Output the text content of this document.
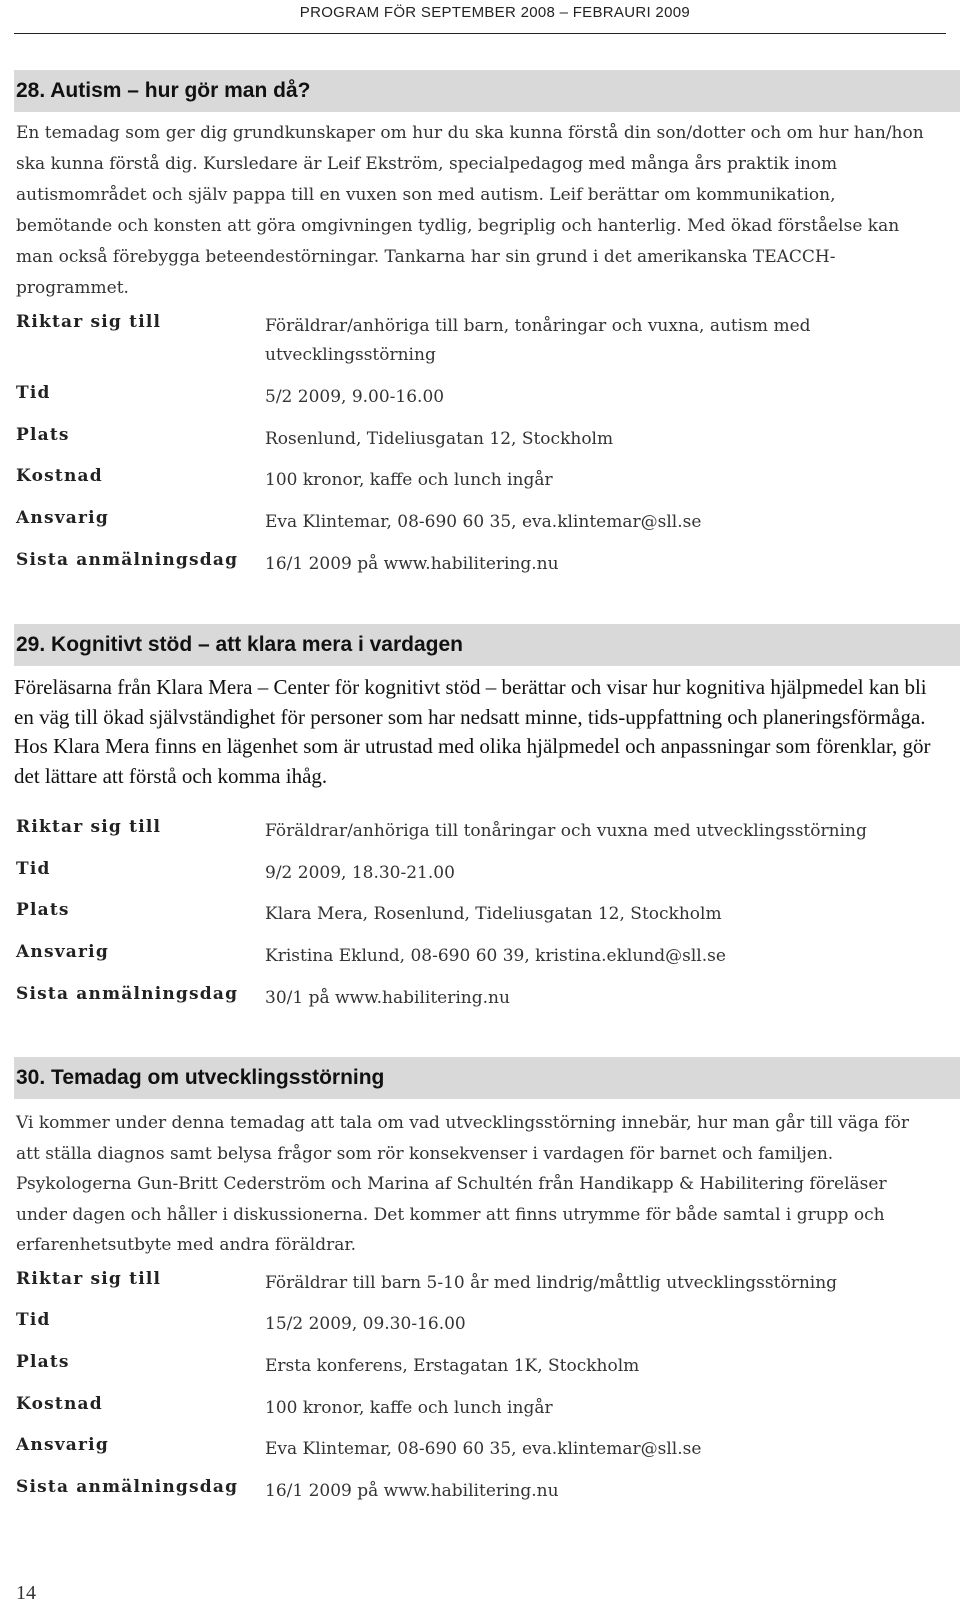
PROGRAM FÖR SEPTEMBER 2008 – FEBRAURI 2009
28. Autism – hur gör man då?

En temadag som ger dig grundkunskaper om hur du ska kunna förstå din son/dotter och om hur han/hon ska kunna förstå dig. Kursledare är Leif Ekström, specialpedagog med många års praktik inom autismområdet och själv pappa till en vuxen son med autism. Leif berättar om kommunikation, bemötande och konsten att göra omgivningen tydlig, begriplig och hanterlig. Med ökad förståelse kan man också förebygga beteendestörningar. Tankarna har sin grund i det amerikanska TEACCH-programmet.

Riktar sig till	Föräldrar/anhöriga till barn, tonåringar och vuxna, autism med utvecklingsstörning
Tid	5/2 2009, 9.00-16.00
Plats	Rosenlund, Tideliusgatan 12, Stockholm
Kostnad	100 kronor, kaffe och lunch ingår
Ansvarig	Eva Klintemar, 08-690 60 35, eva.klintemar@sll.se
Sista anmälningsdag 16/1 2009 på www.habilitering.nu
29. Kognitivt stöd – att klara mera i vardagen

Föreläsarna från Klara Mera – Center för kognitivt stöd – berättar och visar hur kognitiva hjälpmedel kan bli en väg till ökad självständighet för personer som har nedsatt minne, tids-uppfattning och planeringsförmåga. Hos Klara Mera finns en lägenhet som är utrustad med olika hjälpmedel och anpassningar som förenklar, gör det lättare att förstå och komma ihåg.

Riktar sig till	Föräldrar/anhöriga till tonåringar och vuxna med utvecklingsstörning
Tid	9/2 2009, 18.30-21.00
Plats	Klara Mera, Rosenlund, Tideliusgatan 12, Stockholm
Ansvarig	Kristina Eklund, 08-690 60 39, kristina.eklund@sll.se
Sista anmälningsdag 30/1 på www.habilitering.nu
30. Temadag om utvecklingsstörning

Vi kommer under denna temadag att tala om vad utvecklingsstörning innebär, hur man går till väga för att ställa diagnos samt belysa frågor som rör konsekvenser i vardagen för barnet och familjen. Psykologerna Gun-Britt Cederström och Marina af Schultén från Handikapp & Habilitering föreläser under dagen och håller i diskussionerna. Det kommer att finns utrymme för både samtal i grupp och erfarenhetsutbyte med andra föräldrar.

Riktar sig till	Föräldrar till barn 5-10 år med lindrig/måttlig utvecklingsstörning
Tid	15/2 2009, 09.30-16.00
Plats	Ersta konferens, Erstagatan 1K, Stockholm
Kostnad	100 kronor, kaffe och lunch ingår
Ansvarig	Eva Klintemar, 08-690 60 35, eva.klintemar@sll.se
Sista anmälningsdag 16/1 2009 på www.habilitering.nu
14
